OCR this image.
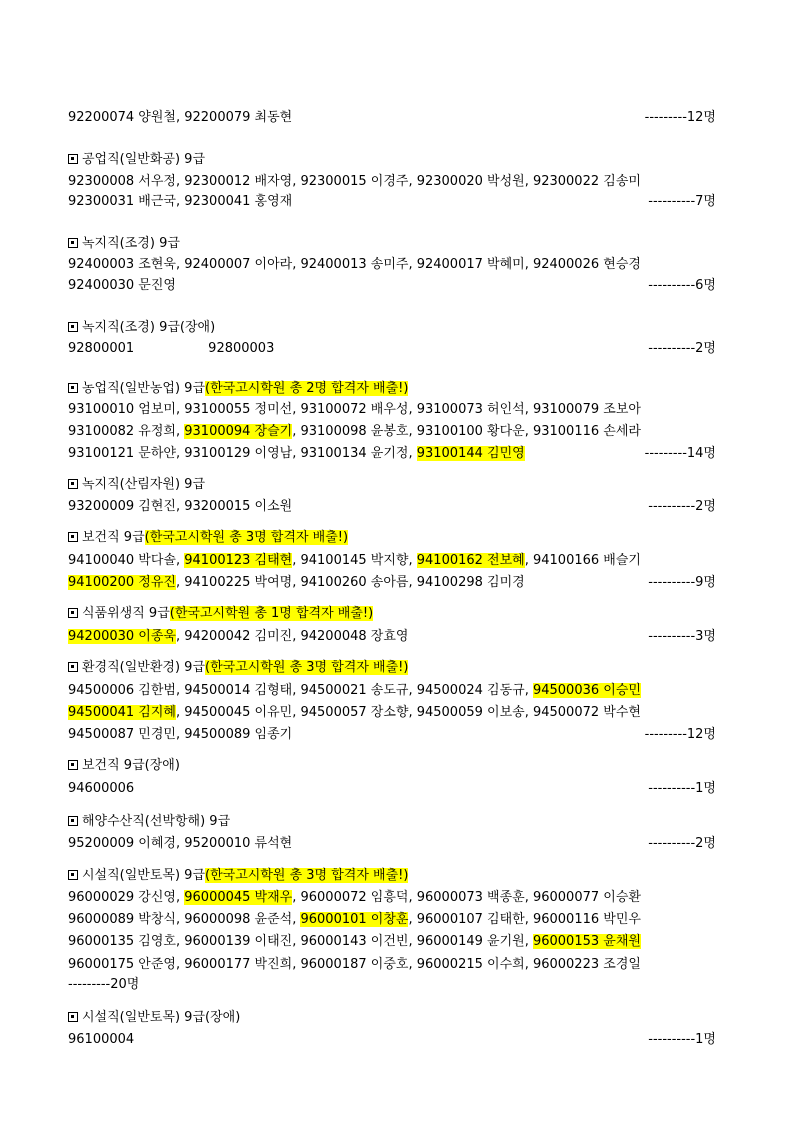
92200074 양원철, 92200079 최동현	---------12명
공업직(일반화공) 9급
92300008 서우정, 92300012 배자영, 92300015 이경주, 92300020 박성원, 92300022 김송미
92300031 배근국, 92300041 홍영재	----------7명
녹지직(조경) 9급
92400003 조현욱, 92400007 이아라, 92400013 송미주, 92400017 박혜미, 92400026 현승경
92400030 문진영	----------6명
녹지직(조경) 9급(장애)
92800001	92800003	----------2명
농업직(일반농업) 9급(한국고시학원 총 2명 합격자 배출!)
93100010 엄보미, 93100055 정미선, 93100072 배우성, 93100073 허인석, 93100079 조보아
93100082 유정희, 93100094 장슬기, 93100098 윤봉호, 93100100 황다운, 93100116 손세라
93100121 문하얀, 93100129 이영남, 93100134 윤기정, 93100144 김민영	---------14명
녹지직(산림자원) 9급
93200009 김현진, 93200015 이소원	----------2명
보건직 9급(한국고시학원 총 3명 합격자 배출!)
94100040 박다솔, 94100123 김태현, 94100145 박지향, 94100162 전보혜, 94100166 배슬기
94100200 정유진, 94100225 박여명, 94100260 송아름, 94100298 김미경	----------9명
식품위생직 9급(한국고시학원 총 1명 합격자 배출!)
94200030 이종욱, 94200042 김미진, 94200048 장효영	----------3명
환경직(일반환경) 9급(한국고시학원 총 3명 합격자 배출!)
94500006 김한범, 94500014 김형태, 94500021 송도규, 94500024 김동규, 94500036 이승민
94500041 김지혜, 94500045 이유민, 94500057 장소향, 94500059 이보송, 94500072 박수현
94500087 민경민, 94500089 임종기	---------12명
보건직 9급(장애)
94600006	----------1명
해양수산직(선박항해) 9급
95200009 이혜경, 95200010 류석현	----------2명
시설직(일반토목) 9급(한국고시학원 총 3명 합격자 배출!)
96000029 강신영, 96000045 박재우, 96000072 임흥덕, 96000073 백종훈, 96000077 이승환
96000089 박창식, 96000098 윤준석, 96000101 이창훈, 96000107 김태한, 96000116 박민우
96000135 김영호, 96000139 이태진, 96000143 이건빈, 96000149 윤기원, 96000153 윤채원
96000175 안준영, 96000177 박진희, 96000187 이중호, 96000215 이수희, 96000223 조경일
---------20명
시설직(일반토목) 9급(장애)
96100004	----------1명
